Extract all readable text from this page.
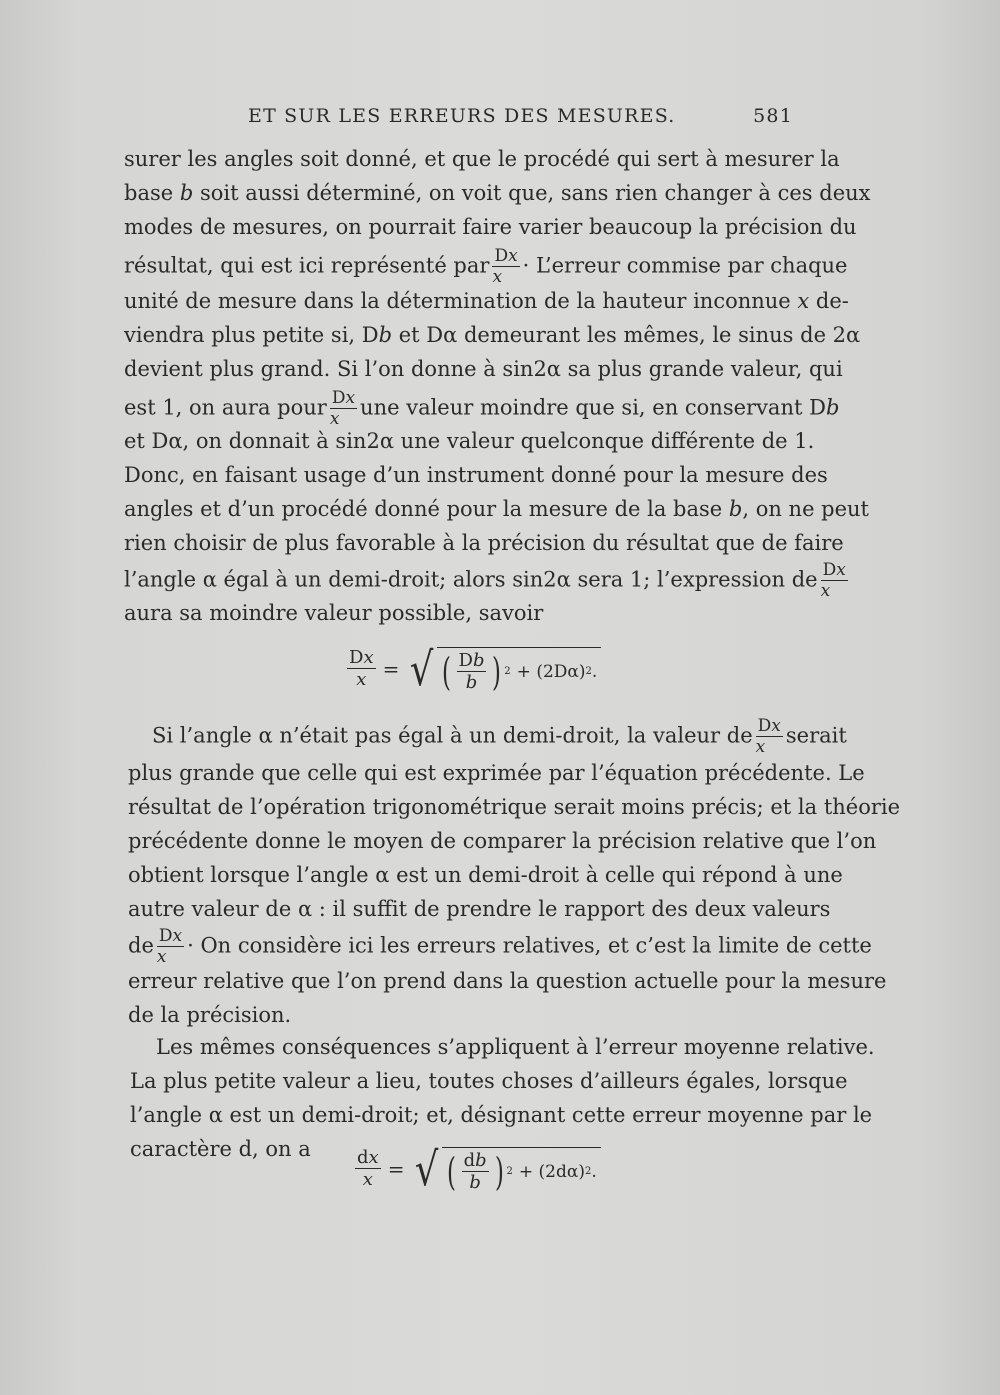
ET SUR LES ERREURS DES MESURES.	581
surer les angles soit donné, et que le procédé qui sert à mesurer la
base b soit aussi déterminé, on voit que, sans rien changer à ces deux
modes de mesures, on pourrait faire varier beaucoup la précision du
résultat, qui est ici représenté par $\frac{Dx}{x}$ · L’erreur commise par chaque
unité de mesure dans la détermination de la hauteur inconnue x de-
viendra plus petite si, Db et Dα demeurant les mêmes, le sinus de 2α
devient plus grand. Si l’on donne à sin2α sa plus grande valeur, qui
est 1, on aura pour $\frac{Dx}{x}$ une valeur moindre que si, en conservant Db
et Dα, on donnait à sin2α une valeur quelconque différente de 1.
Donc, en faisant usage d’un instrument donné pour la mesure des
angles et d’un procédé donné pour la mesure de la base b, on ne peut
rien choisir de plus favorable à la précision du résultat que de faire
l’angle α égal à un demi-droit; alors sin2α sera 1; l’expression de $\frac{Dx}{x}$
aura sa moindre valeur possible, savoir
$\frac{Dx}{x}$ = √ ( $\frac{Db}{b}$ ) 2 + (2Dα) 2 .
Si l’angle α n’était pas égal à un demi-droit, la valeur de $\frac{Dx}{x}$ serait
plus grande que celle qui est exprimée par l’équation précédente. Le
résultat de l’opération trigonométrique serait moins précis; et la théorie
précédente donne le moyen de comparer la précision relative que l’on
obtient lorsque l’angle α est un demi-droit à celle qui répond à une
autre valeur de α : il suffit de prendre le rapport des deux valeurs
de $\frac{Dx}{x} \cdot On$ considère ici les erreurs relatives, et c’est la limite de cette
erreur relative que l’on prend dans la question actuelle pour la mesure
de la précision.
Les mêmes conséquences s’appliquent à l’erreur moyenne relative.
La plus petite valeur a lieu, toutes choses d’ailleurs égales, lorsque
l’angle α est un demi-droit; et, désignant cette erreur moyenne par le
caractère d, on a	$\frac{dx}{x}$ = √ ( $\frac{db}{b}$ ) 2 + (2dα) 2 .
